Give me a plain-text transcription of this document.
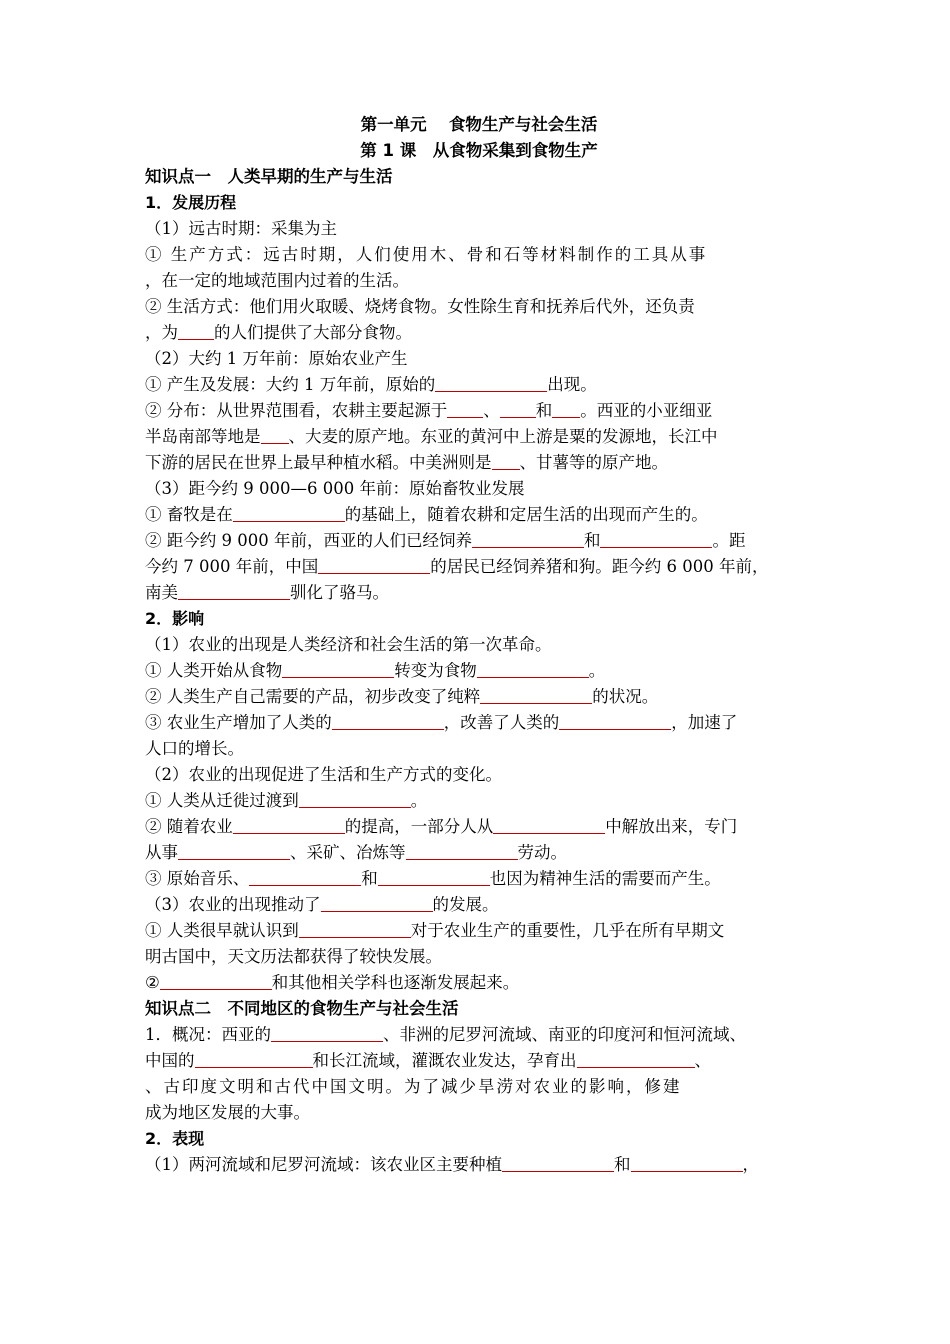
第一单元　 食物生产与社会生活
第 1 课　从食物采集到食物生产
知识点一　人类早期的生产与生活
1．发展历程
（1）远古时期：采集为主
① 生产方式：远古时期，人们使用木、骨和石等材料制作的工具从事
，在一定的地域范围内过着的生活。
② 生活方式：他们用火取暖、烧烤食物。女性除生育和抚养后代外，还负责
，为 的人们提供了大部分食物。
（2）大约 1 万年前：原始农业产生
① 产生及发展：大约 1 万年前，原始的	出现。
② 分布：从世界范围看，农耕主要起源于 、 和 。西亚的小亚细亚
半岛南部等地是 、大麦的原产地。东亚的黄河中上游是粟的发源地，长江中
下游的居民在世界上最早种植水稻。中美洲则是 、甘薯等的原产地。
（3）距今约 9 000—6 000 年前：原始畜牧业发展
① 畜牧是在	的基础上，随着农耕和定居生活的出现而产生的。
② 距今约 9 000 年前，西亚的人们已经饲养	和	。距
今约 7 000 年前，中国	的居民已经饲养猪和狗。距今约 6 000 年前，
南美	驯化了骆马。
2．影响
（1）农业的出现是人类经济和社会生活的第一次革命。
① 人类开始从食物	转变为食物	。
② 人类生产自己需要的产品，初步改变了纯粹	的状况。
③ 农业生产增加了人类的	，改善了人类的	，加速了
人口的增长。
（2）农业的出现促进了生活和生产方式的变化。
① 人类从迁徙过渡到	。
② 随着农业	的提高，一部分人从	中解放出来，专门
从事	、采矿、冶炼等	劳动。
③ 原始音乐、	和	也因为精神生活的需要而产生。
（3）农业的出现推动了	的发展。
① 人类很早就认识到	对于农业生产的重要性，几乎在所有早期文
明古国中，天文历法都获得了较快发展。
②	和其他相关学科也逐渐发展起来。
知识点二　不同地区的食物生产与社会生活
1．概况：西亚的	、非洲的尼罗河流域、南亚的印度河和恒河流域、
中国的	和长江流域，灌溉农业发达，孕育出	、
、古印度文明和古代中国文明。为了减少旱涝对农业的影响，修建
成为地区发展的大事。
2．表现
（1）两河流域和尼罗河流域：该农业区主要种植	和	，
